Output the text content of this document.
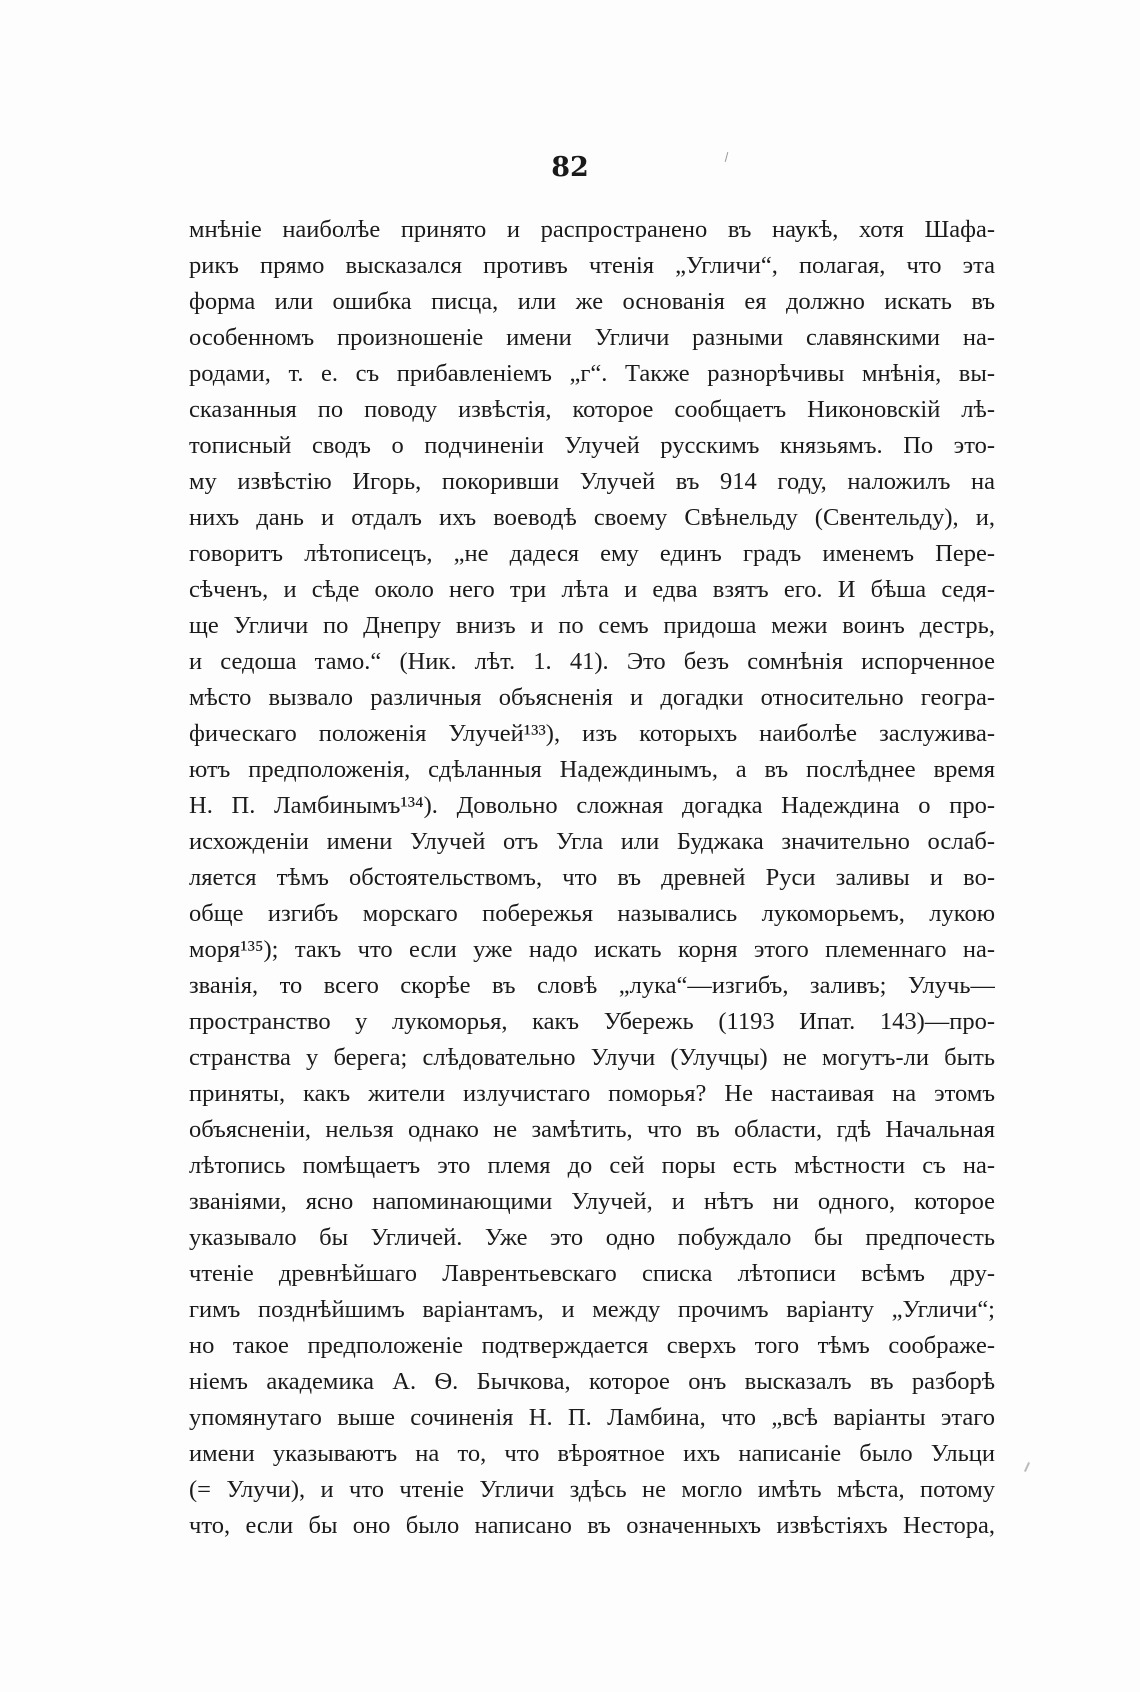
82
мнѣніе наиболѣе принято и распространено въ наукѣ, хотя Шафа-
рикъ прямо высказался противъ чтенія „Угличи“, полагая, что эта
форма или ошибка писца, или же основанія ея должно искать въ
особенномъ произношеніе имени Угличи разными славянскими на-
родами, т. е. съ прибавленіемъ „г“. Также разнорѣчивы мнѣнія, вы-
сказанныя по поводу извѣстія, которое сообщаетъ Никоновскій лѣ-
тописный сводъ о подчиненіи Улучей русскимъ князьямъ. По это-
му извѣстію Игорь, покоривши Улучей въ 914 году, наложилъ на
нихъ дань и отдалъ ихъ воеводѣ своему Свѣнельду (Свентельду), и,
говоритъ лѣтописецъ, „не дадеся ему единъ градъ именемъ Пере-
сѣченъ, и сѣде около него три лѣта и едва взятъ его. И бѣша седя-
ще Угличи по Днепру внизъ и по семъ придоша межи воинъ дестрь,
и седоша тамо.“ (Ник. лѣт. 1. 41). Это безъ сомнѣнія испорченное
мѣсто вызвало различныя объясненія и догадки относительно геогра-
фическаго положенія Улучей¹³³), изъ которыхъ наиболѣе заслужива-
ютъ предположенія, сдѣланныя Надеждинымъ, а въ послѣднее время
Н. П. Ламбинымъ¹³⁴). Довольно сложная догадка Надеждина о про-
исхожденіи имени Улучей отъ Угла или Буджака значительно ослаб-
ляется тѣмъ обстоятельствомъ, что въ древней Руси заливы и во-
обще изгибъ морскаго побережья назывались лукоморьемъ, лукою
моря¹³⁵); такъ что если уже надо искать корня этого племеннаго на-
званія, то всего скорѣе въ словѣ „лука“—изгибъ, заливъ; Улучь—
пространство у лукоморья, какъ Убережь (1193 Ипат. 143)—про-
странства у берега; слѣдовательно Улучи (Улучцы) не могутъ-ли быть
приняты, какъ жители излучистаго поморья? Не настаивая на этомъ
объясненіи, нельзя однако не замѣтить, что въ области, гдѣ Начальная
лѣтопись помѣщаетъ это племя до сей поры есть мѣстности съ на-
званіями, ясно напоминающими Улучей, и нѣтъ ни одного, которое
указывало бы Угличей. Уже это одно побуждало бы предпочесть
чтеніе древнѣйшаго Лаврентьевскаго списка лѣтописи всѣмъ дру-
гимъ позднѣйшимъ варіантамъ, и между прочимъ варіанту „Угличи“;
но такое предположеніе подтверждается сверхъ того тѣмъ соображе-
ніемъ академика А. Ѳ. Бычкова, которое онъ высказалъ въ разборѣ
упомянутаго выше сочиненія Н. П. Ламбина, что „всѣ варіанты этаго
имени указываютъ на то, что вѣроятное ихъ написаніе было Ульци
(= Улучи), и что чтеніе Угличи здѣсь не могло имѣть мѣста, потому
что, если бы оно было написано въ означенныхъ извѣстіяхъ Нестора,
